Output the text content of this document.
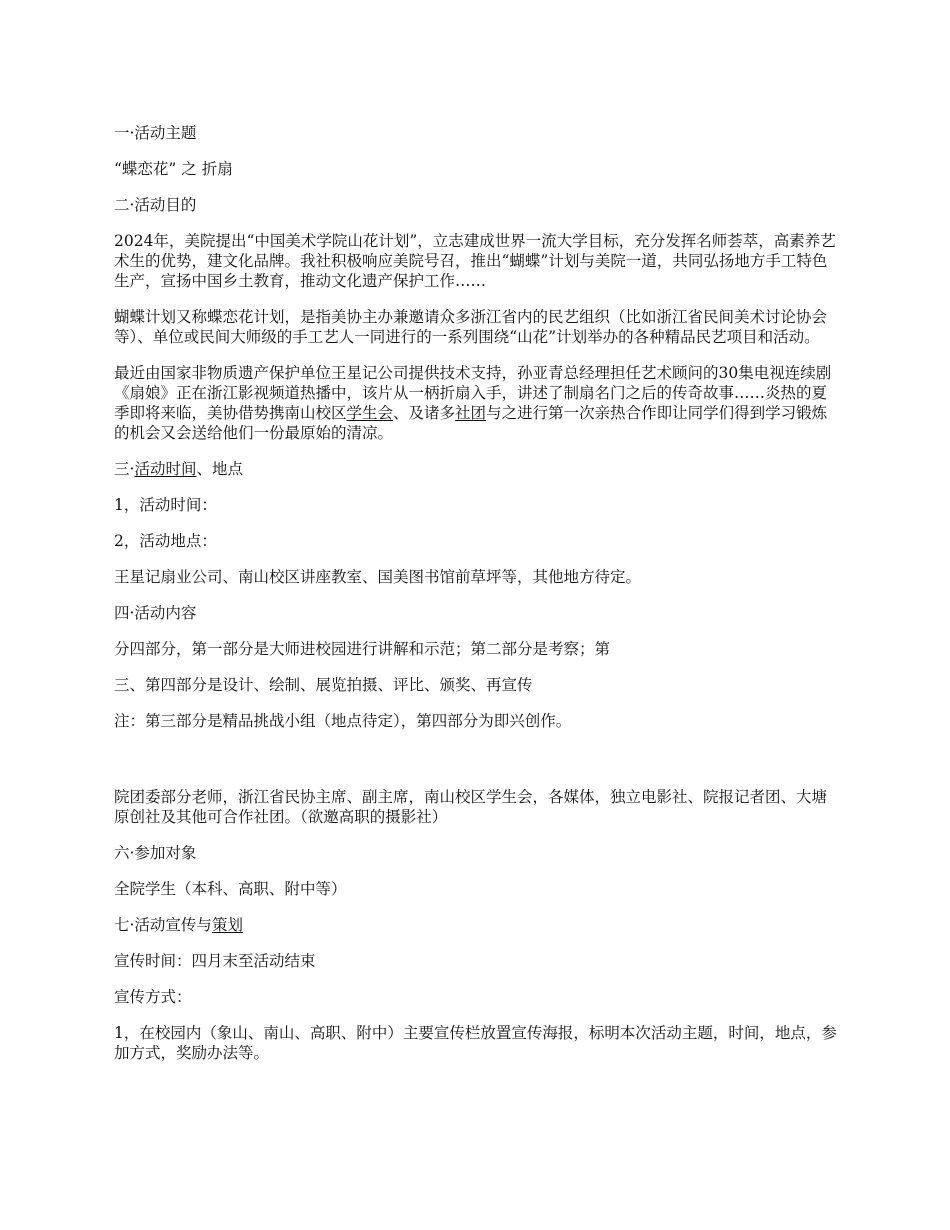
一·活动主题

“蝶恋花” 之 折扇

二·活动目的

2024年，美院提出“中国美术学院山花计划”，立志建成世界一流大学目标，充分发挥名师荟萃，高素养艺术生的优势，建文化品牌。我社积极响应美院号召，推出“蝴蝶”计划与美院一道，共同弘扬地方手工特色生产，宣扬中国乡土教育，推动文化遗产保护工作……

蝴蝶计划又称蝶恋花计划，是指美协主办兼邀请众多浙江省内的民艺组织（比如浙江省民间美术讨论协会等）、单位或民间大师级的手工艺人一同进行的一系列围绕“山花”计划举办的各种精品民艺项目和活动。

最近由国家非物质遗产保护单位王星记公司提供技术支持，孙亚青总经理担任艺术顾问的30集电视连续剧《扇娘》正在浙江影视频道热播中，该片从一柄折扇入手，讲述了制扇名门之后的传奇故事……炎热的夏季即将来临，美协借势携南山校区学生会、及诸多社团与之进行第一次亲热合作即让同学们得到学习锻炼的机会又会送给他们一份最原始的清凉。

三·活动时间、地点

1，活动时间：

2，活动地点：

王星记扇业公司、南山校区讲座教室、国美图书馆前草坪等，其他地方待定。

四·活动内容

分四部分，第一部分是大师进校园进行讲解和示范；第二部分是考察；第

三、第四部分是设计、绘制、展览拍摄、评比、颁奖、再宣传

注：第三部分是精品挑战小组（地点待定），第四部分为即兴创作。

院团委部分老师，浙江省民协主席、副主席，南山校区学生会，各媒体，独立电影社、院报记者团、大塘原创社及其他可合作社团。（欲邀高职的摄影社）

六·参加对象

全院学生（本科、高职、附中等）

七·活动宣传与策划

宣传时间：四月末至活动结束

宣传方式：

1，在校园内（象山、南山、高职、附中）主要宣传栏放置宣传海报，标明本次活动主题，时间，地点，参加方式，奖励办法等。
